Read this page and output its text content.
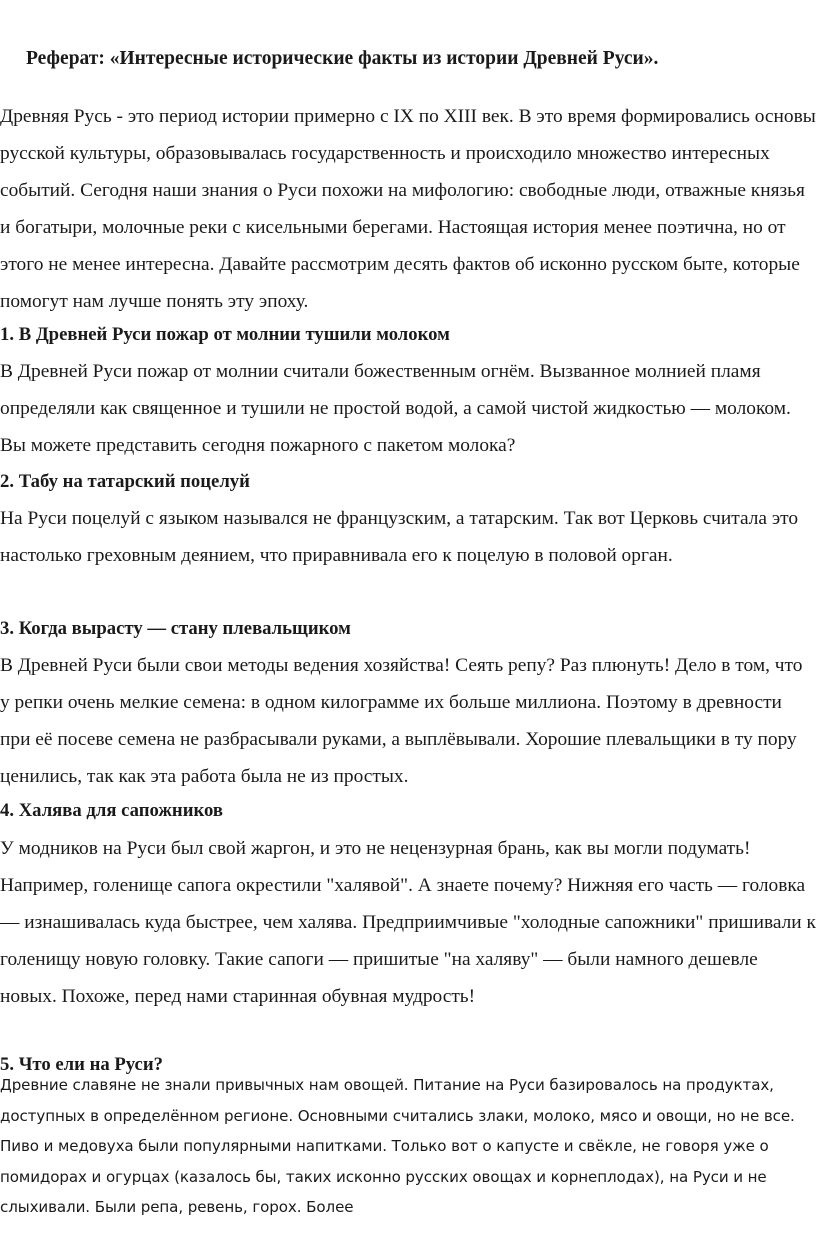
Реферат: «Интересные исторические факты из истории Древней Руси».

Древняя Русь - это период истории примерно с IX по XIII век. В это время формировались основы русской культуры, образовывалась государственность и происходило множество интересных событий. Сегодня наши знания о Руси похожи на мифологию: свободные люди, отважные князья и богатыри, молочные реки с кисельными берегами. Настоящая история менее поэтична, но от этого не менее интересна. Давайте рассмотрим десять фактов об исконно русском быте, которые помогут нам лучше понять эту эпоху.

1. В Древней Руси пожар от молнии тушили молоком

В Древней Руси пожар от молнии считали божественным огнём. Вызванное молнией пламя определяли как священное и тушили не простой водой, а самой чистой жидкостью — молоком. Вы можете представить сегодня пожарного с пакетом молока?

2. Табу на татарский поцелуй

На Руси поцелуй с языком назывался не французским, а татарским. Так вот Церковь считала это настолько греховным деянием, что приравнивала его к поцелую в половой орган.

3. Когда вырасту — стану плевальщиком

В Древней Руси были свои методы ведения хозяйства! Сеять репу? Раз плюнуть! Дело в том, что у репки очень мелкие семена: в одном килограмме их больше миллиона. Поэтому в древности при её посеве семена не разбрасывали руками, а выплёвывали. Хорошие плевальщики в ту пору ценились, так как эта работа была не из простых.

4. Халява для сапожников

У модников на Руси был свой жаргон, и это не нецензурная брань, как вы могли подумать! Например, голенище сапога окрестили "халявой". А знаете почему? Нижняя его часть — головка — изнашивалась куда быстрее, чем халява. Предприимчивые "холодные сапожники" пришивали к голенищу новую головку. Такие сапоги — пришитые "на халяву" — были намного дешевле новых. Похоже, перед нами старинная обувная мудрость!

5. Что ели на Руси?

Древние славяне не знали привычных нам овощей. Питание на Руси базировалось на продуктах, доступных в определённом регионе. Основными считались злаки, молоко, мясо и овощи, но не все. Пиво и медовуха были популярными напитками. Только вот о капусте и свёкле, не говоря уже о помидорах и огурцах (казалось бы, таких исконно русских овощах и корнеплодах), на Руси и не слыхивали. Были репа, ревень, горох. Более
